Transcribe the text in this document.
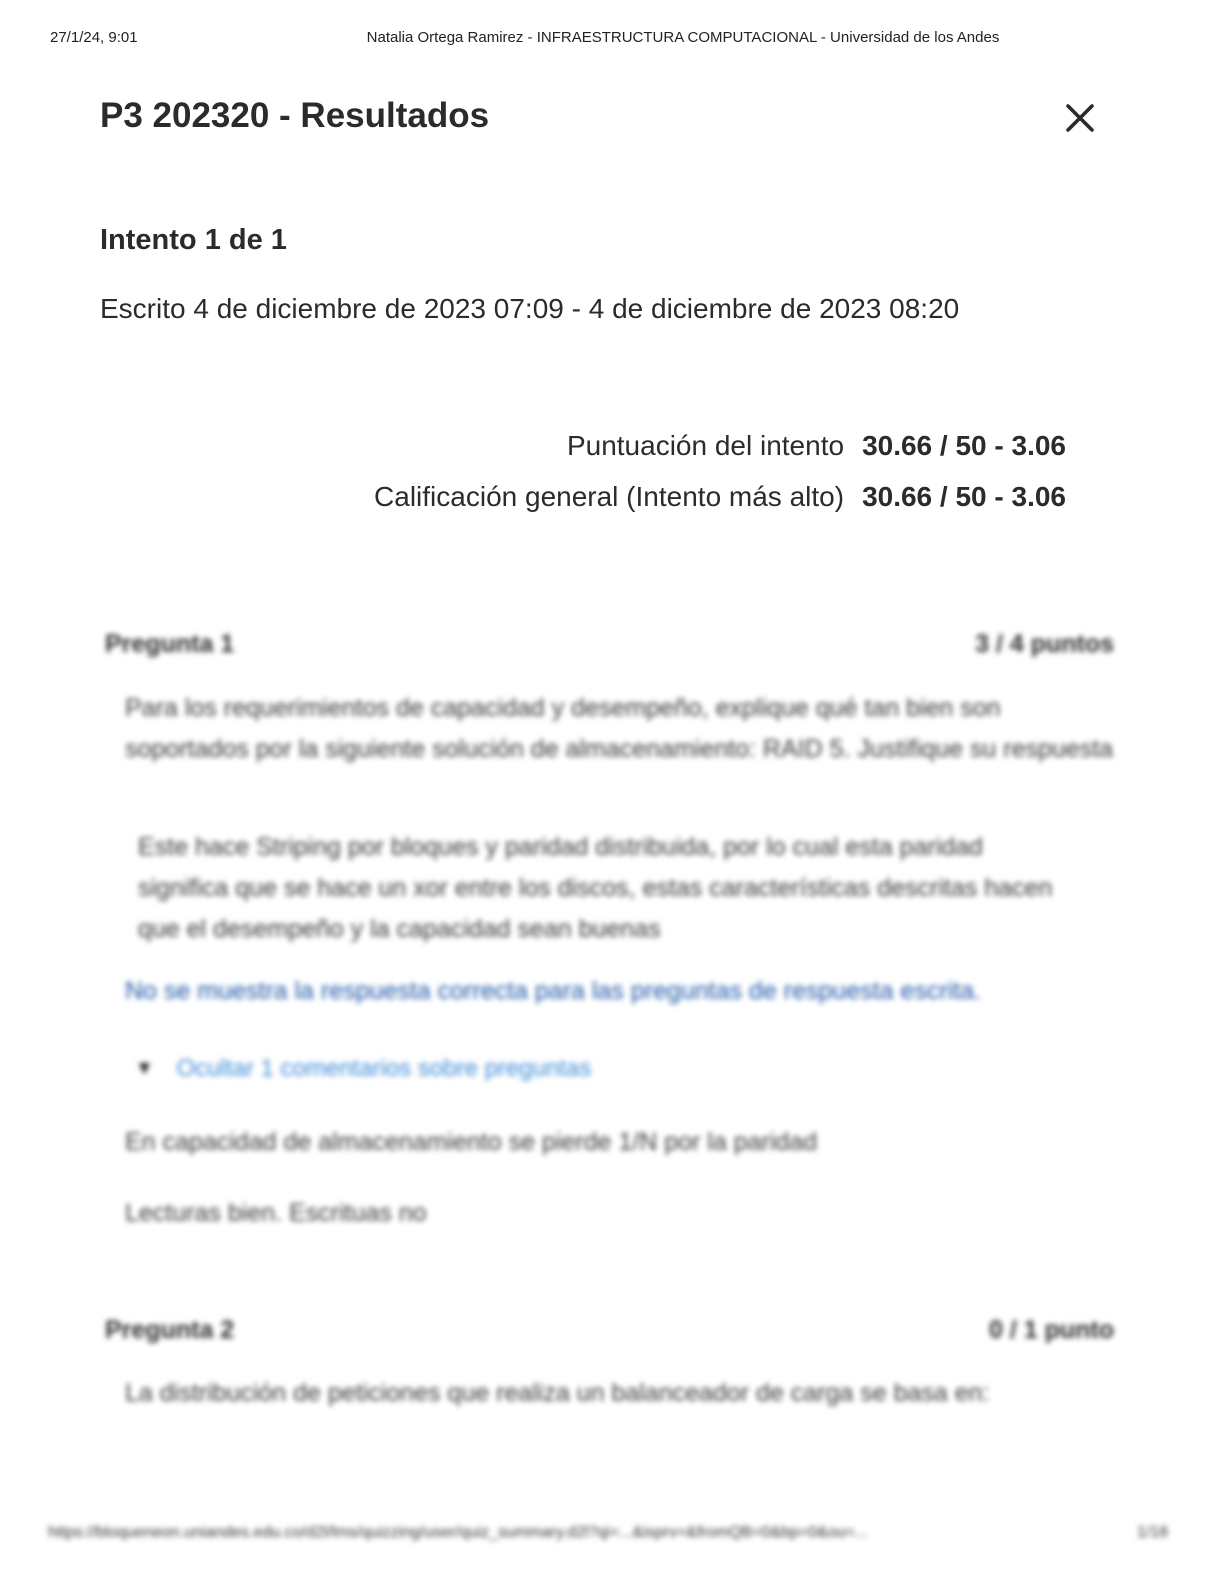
27/1/24, 9:01	Natalia Ortega Ramirez - INFRAESTRUCTURA COMPUTACIONAL - Universidad de los Andes
P3 202320 - Resultados
Intento 1 de 1
Escrito 4 de diciembre de 2023 07:09 - 4 de diciembre de 2023 08:20
Puntuación del intento 30.66 / 50 - 3.06
Calificación general (Intento más alto) 30.66 / 50 - 3.06
Pregunta 1	3 / 4 puntos
Para los requerimientos de capacidad y desempeño, explique qué tan bien son soportados por la siguiente solución de almacenamiento: RAID 5. Justifique su respuesta
Este hace Striping por bloques y paridad distribuida, por lo cual esta paridad significa que se hace un xor entre los discos, estas características descritas hacen que el desempeño y la capacidad sean buenas
No se muestra la respuesta correcta para las preguntas de respuesta escrita.
▼ Ocultar 1 comentarios sobre preguntas
En capacidad de almacenamiento se pierde 1/N por la paridad
Lecturas bien. Escrituas no
Pregunta 2	0 / 1 punto
La distribución de peticiones que realiza un balanceador de carga se basa en:
https://bloqueneon.uniandes.edu.co/d2l/lms/quizzing/user/quiz_summary.d2l?qi=...&isprv=&fromQB=0&bp=0&ou=...	1/18
